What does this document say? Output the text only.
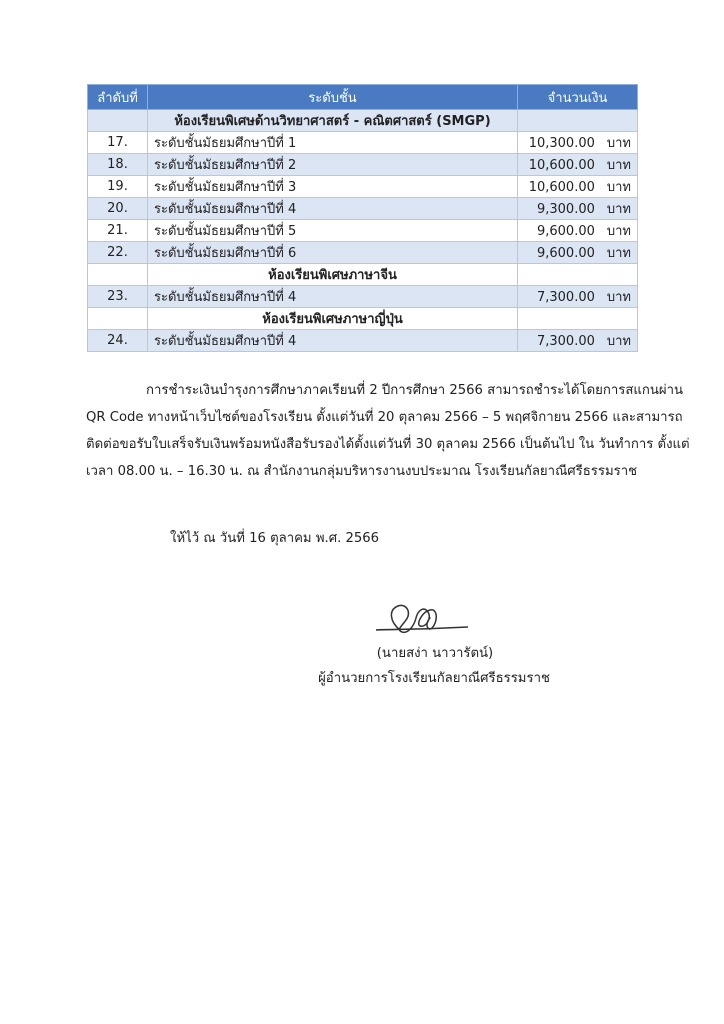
ลำดับที่	ระดับชั้น	จำนวนเงิน
	ห้องเรียนพิเศษด้านวิทยาศาสตร์ - คณิตศาสตร์ (SMGP)	
17.	ระดับชั้นมัธยมศึกษาปีที่ 1	10,300.00 บาท
18.	ระดับชั้นมัธยมศึกษาปีที่ 2	10,600.00 บาท
19.	ระดับชั้นมัธยมศึกษาปีที่ 3	10,600.00 บาท
20.	ระดับชั้นมัธยมศึกษาปีที่ 4	9,300.00 บาท
21.	ระดับชั้นมัธยมศึกษาปีที่ 5	9,600.00 บาท
22.	ระดับชั้นมัธยมศึกษาปีที่ 6	9,600.00 บาท
	ห้องเรียนพิเศษภาษาจีน	
23.	ระดับชั้นมัธยมศึกษาปีที่ 4	7,300.00 บาท
	ห้องเรียนพิเศษภาษาญี่ปุ่น	
24.	ระดับชั้นมัธยมศึกษาปีที่ 4	7,300.00 บาท

การชำระเงินบำรุงการศึกษาภาคเรียนที่ 2 ปีการศึกษา 2566 สามารถชำระได้โดยการสแกนผ่าน
QR Code ทางหน้าเว็บไซต์ของโรงเรียน ตั้งแต่วันที่ 20 ตุลาคม 2566 – 5 พฤศจิกายน 2566 และสามารถ
ติดต่อขอรับใบเสร็จรับเงินพร้อมหนังสือรับรองได้ตั้งแต่วันที่ 30 ตุลาคม 2566 เป็นต้นไป ใน วันทำการ ตั้งแต่
เวลา 08.00 น. – 16.30 น. ณ สำนักงานกลุ่มบริหารงานงบประมาณ โรงเรียนกัลยาณีศรีธรรมราช

ให้ไว้ ณ วันที่ 16 ตุลาคม พ.ศ. 2566
(นายสง่า นาวารัตน์)
ผู้อำนวยการโรงเรียนกัลยาณีศรีธรรมราช
